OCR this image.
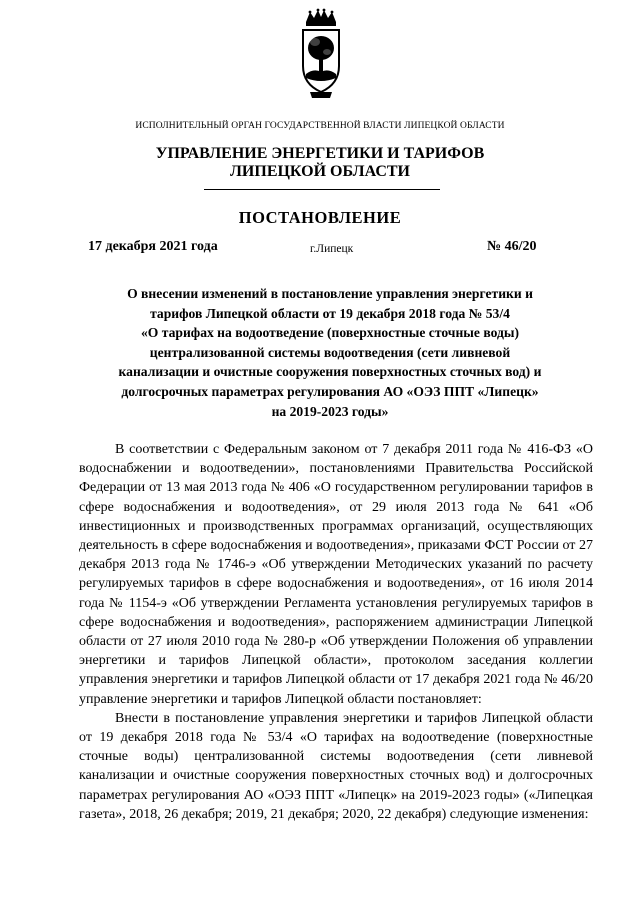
ИСПОЛНИТЕЛЬНЫЙ ОРГАН ГОСУДАРСТВЕННОЙ ВЛАСТИ ЛИПЕЦКОЙ ОБЛАСТИ
УПРАВЛЕНИЕ ЭНЕРГЕТИКИ И ТАРИФОВ
ЛИПЕЦКОЙ ОБЛАСТИ
ПОСТАНОВЛЕНИЕ
17 декабря 2021 года	г.Липецк	№ 46/20
О внесении изменений в постановление управления энергетики и
тарифов Липецкой области от 19 декабря 2018 года № 53/4
«О тарифах на водоотведение (поверхностные сточные воды)
централизованной системы водоотведения (сети ливневой
канализации и очистные сооружения поверхностных сточных вод) и
долгосрочных параметрах регулирования АО «ОЭЗ ППТ «Липецк»
на 2019-2023 годы»

В соответствии с Федеральным законом от 7 декабря 2011 года № 416-ФЗ «О водоснабжении и водоотведении», постановлениями Правительства Российской Федерации от 13 мая 2013 года № 406 «О государственном регулировании тарифов в сфере водоснабжения и водоотведения», от 29 июля 2013 года № 641 «Об инвестиционных и производственных программах организаций, осуществляющих деятельность в сфере водоснабжения и водоотведения», приказами ФСТ России от 27 декабря 2013 года № 1746-э «Об утверждении Методических указаний по расчету регулируемых тарифов в сфере водоснабжения и водоотведения», от 16 июля 2014 года № 1154-э «Об утверждении Регламента установления регулируемых тарифов в сфере водоснабжения и водоотведения», распоряжением администрации Липецкой области от 27 июля 2010 года № 280-р «Об утверждении Положения об управлении энергетики и тарифов Липецкой области», протоколом заседания коллегии управления энергетики и тарифов Липецкой области от 17 декабря 2021 года № 46/20 управление энергетики и тарифов Липецкой области постановляет:

Внести в постановление управления энергетики и тарифов Липецкой области от 19 декабря 2018 года № 53/4 «О тарифах на водоотведение (поверхностные сточные воды) централизованной системы водоотведения (сети ливневой канализации и очистные сооружения поверхностных сточных вод) и долгосрочных параметрах регулирования АО «ОЭЗ ППТ «Липецк» на 2019-2023 годы» («Липецкая газета», 2018, 26 декабря; 2019, 21 декабря; 2020, 22 декабря) следующие изменения:
